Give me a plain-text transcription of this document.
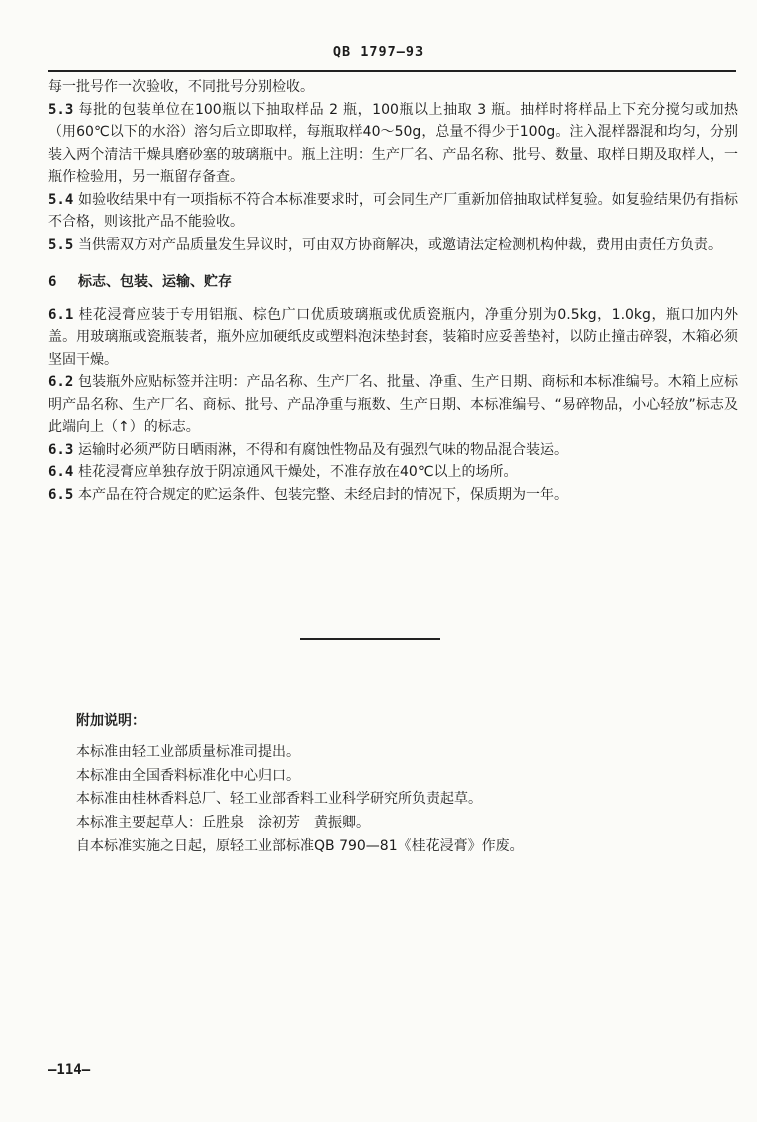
QB 1797—93

每一批号作一次验收，不同批号分别检收。

5.3 每批的包装单位在100瓶以下抽取样品 2 瓶，100瓶以上抽取 3 瓶。抽样时将样品上下充分搅匀或加热（用60℃以下的水浴）溶匀后立即取样，每瓶取样40～50g，总量不得少于100g。注入混样器混和均匀，分别装入两个清洁干燥具磨砂塞的玻璃瓶中。瓶上注明：生产厂名、产品名称、批号、数量、取样日期及取样人，一瓶作检验用，另一瓶留存备查。

5.4 如验收结果中有一项指标不符合本标准要求时，可会同生产厂重新加倍抽取试样复验。如复验结果仍有指标不合格，则该批产品不能验收。

5.5 当供需双方对产品质量发生异议时，可由双方协商解决，或邀请法定检测机构仲裁，费用由责任方负责。

6 标志、包装、运输、贮存

6.1 桂花浸膏应装于专用铝瓶、棕色广口优质玻璃瓶或优质瓷瓶内，净重分别为0.5kg，1.0kg，瓶口加内外盖。用玻璃瓶或瓷瓶装者，瓶外应加硬纸皮或塑料泡沫垫封套，装箱时应妥善垫衬，以防止撞击碎裂，木箱必须坚固干燥。

6.2 包装瓶外应贴标签并注明：产品名称、生产厂名、批量、净重、生产日期、商标和本标准编号。木箱上应标明产品名称、生产厂名、商标、批号、产品净重与瓶数、生产日期、本标准编号、“易碎物品，小心轻放”标志及此端向上（↑）的标志。

6.3 运输时必须严防日晒雨淋，不得和有腐蚀性物品及有强烈气味的物品混合装运。

6.4 桂花浸膏应单独存放于阴凉通风干燥处，不准存放在40℃以上的场所。

6.5 本产品在符合规定的贮运条件、包装完整、未经启封的情况下，保质期为一年。

附加说明：

本标准由轻工业部质量标准司提出。

本标准由全国香料标准化中心归口。

本标准由桂林香料总厂、轻工业部香料工业科学研究所负责起草。

本标准主要起草人：丘胜泉　涂初芳　黄振卿。

自本标准实施之日起，原轻工业部标准QB 790—81《桂花浸膏》作废。

—114—
